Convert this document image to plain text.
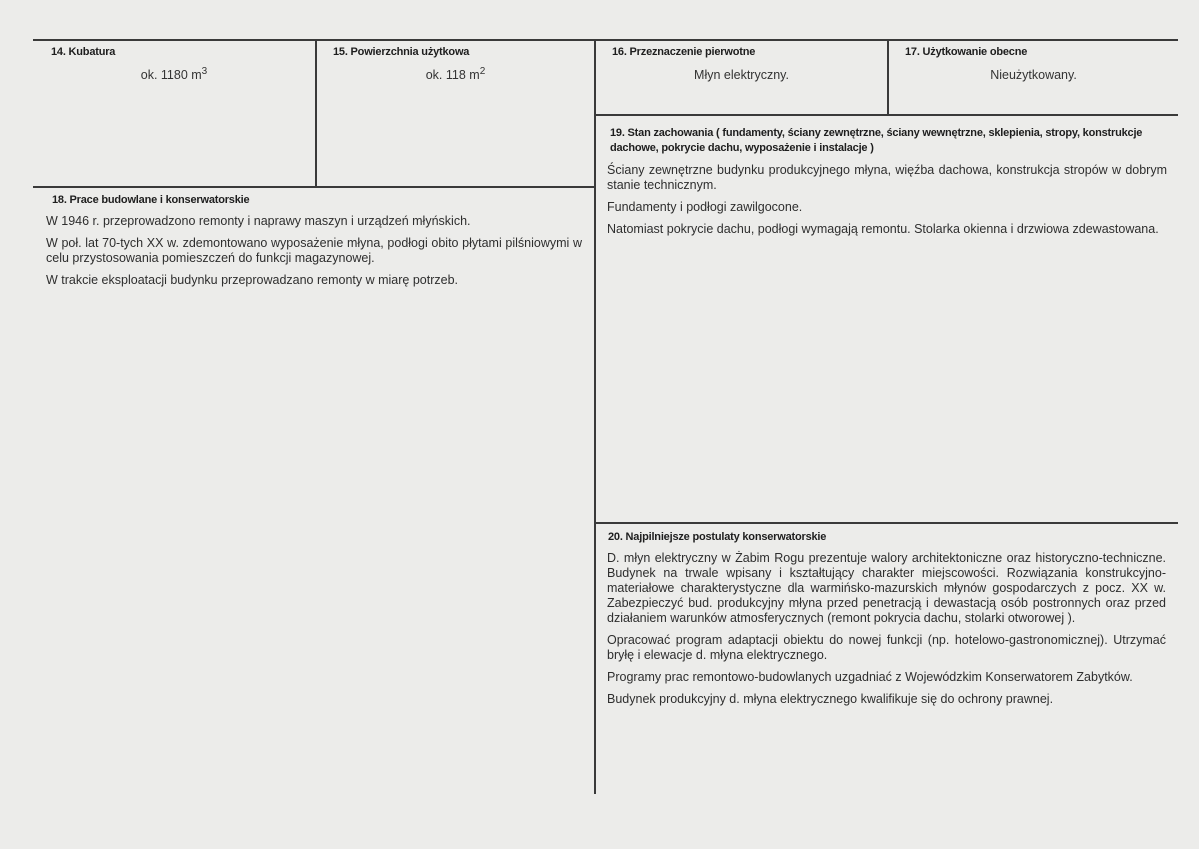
14. Kubatura
ok. 1180 $m^3$
15. Powierzchnia użytkowa
ok. 118 $m^2$
16. Przeznaczenie pierwotne
Młyn elektryczny.
17. Użytkowanie obecne
Nieużytkowany.
19. Stan zachowania ( fundamenty, ściany zewnętrzne, ściany wewnętrzne, sklepienia, stropy, konstrukcje dachowe, pokrycie dachu, wyposażenie i instalacje )

Ściany zewnętrzne budynku produkcyjnego młyna, więźba dachowa, konstrukcja stropów w dobrym stanie technicznym.

Fundamenty i podłogi zawilgocone.

Natomiast pokrycie dachu, podłogi wymagają remontu. Stolarka okienna i drzwiowa zdewastowana.

18. Prace budowlane i konserwatorskie

W 1946 r. przeprowadzono remonty i naprawy maszyn i urządzeń młyńskich.

W poł. lat 70-tych XX w. zdemontowano wyposażenie młyna, podłogi obito płytami pilśniowymi w celu przystosowania pomieszczeń do funkcji magazynowej.

W trakcie eksploatacji budynku przeprowadzano remonty w miarę potrzeb.

20. Najpilniejsze postulaty konserwatorskie

D. młyn elektryczny w Żabim Rogu prezentuje walory architektoniczne oraz historyczno-techniczne. Budynek na trwale wpisany i kształtujący charakter miejscowości. Rozwiązania konstrukcyjno-materiałowe charakterystyczne dla warmińsko-mazurskich młynów gospodarczych z pocz. XX w. Zabezpieczyć bud. produkcyjny młyna przed penetracją i dewastacją osób postronnych oraz przed działaniem warunków atmosferycznych (remont pokrycia dachu, stolarki otworowej ).

Opracować program adaptacji obiektu do nowej funkcji (np. hotelowo-gastronomicznej). Utrzymać bryłę i elewacje d. młyna elektrycznego.

Programy prac remontowo-budowlanych uzgadniać z Wojewódzkim Konserwatorem Zabytków.

Budynek produkcyjny d. młyna elektrycznego kwalifikuje się do ochrony prawnej.
